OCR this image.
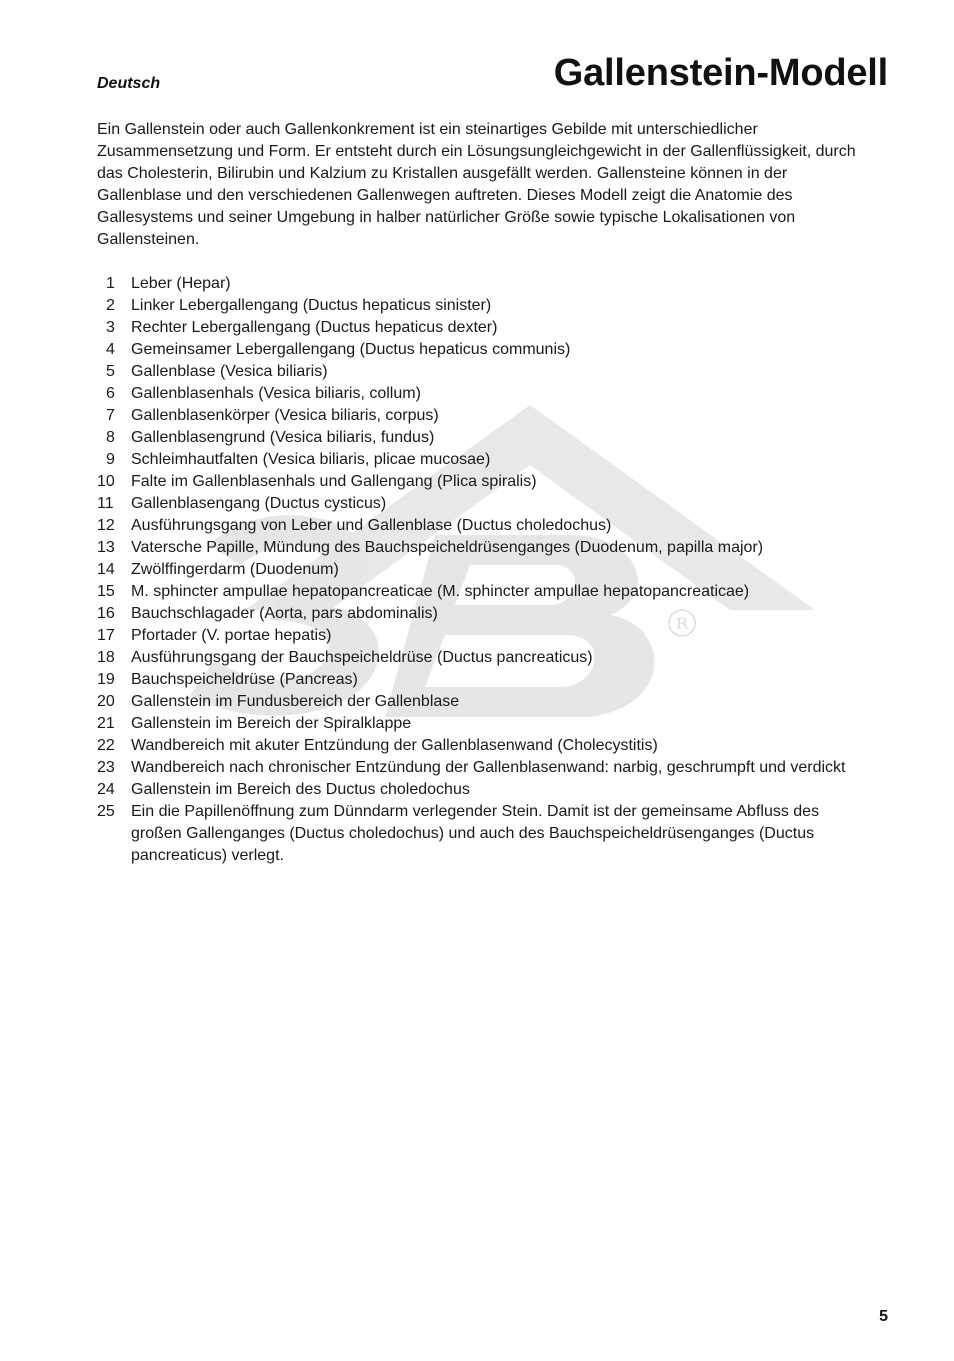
R
Deutsch	Gallenstein-Modell

Ein Gallenstein oder auch Gallenkonkrement ist ein steinartiges Gebilde mit unterschiedlicher Zusammensetzung und Form. Er entsteht durch ein Lösungsungleichgewicht in der Gallenflüssigkeit, durch das Cholesterin, Bilirubin und Kalzium zu Kristallen ausgefällt werden. Gallensteine können in der Gallenblase und den verschiedenen Gallenwegen auftreten. Dieses Modell zeigt die Anatomie des Gallesystems und seiner Umgebung in halber natürlicher Größe sowie typische Lokalisationen von Gallensteinen.

1	Leber (Hepar)
2	Linker Lebergallengang (Ductus hepaticus sinister)
3	Rechter Lebergallengang (Ductus hepaticus dexter)
4	Gemeinsamer Lebergallengang (Ductus hepaticus communis)
5	Gallenblase (Vesica biliaris)
6	Gallenblasenhals (Vesica biliaris, collum)
7	Gallenblasenkörper (Vesica biliaris, corpus)
8	Gallenblasengrund (Vesica biliaris, fundus)
9	Schleimhautfalten (Vesica biliaris, plicae mucosae)
10	Falte im Gallenblasenhals und Gallengang (Plica spiralis)
11	Gallenblasengang (Ductus cysticus)
12	Ausführungsgang von Leber und Gallenblase (Ductus choledochus)
13	Vatersche Papille, Mündung des Bauchspeicheldrüsenganges (Duodenum, papilla major)
14	Zwölffingerdarm (Duodenum)
15	M. sphincter ampullae hepatopancreaticae (M. sphincter ampullae hepatopancreaticae)
16	Bauchschlagader (Aorta, pars abdominalis)
17	Pfortader (V. portae hepatis)
18	Ausführungsgang der Bauchspeicheldrüse (Ductus pancreaticus)
19	Bauchspeicheldrüse (Pancreas)
20	Gallenstein im Fundusbereich der Gallenblase
21	Gallenstein im Bereich der Spiralklappe
22	Wandbereich mit akuter Entzündung der Gallenblasenwand (Cholecystitis)
23	Wandbereich nach chronischer Entzündung der Gallenblasenwand: narbig, geschrumpft und verdickt
24	Gallenstein im Bereich des Ductus choledochus
25	Ein die Papillenöffnung zum Dünndarm verlegender Stein. Damit ist der gemeinsame Abfluss des großen Gallenganges (Ductus choledochus) und auch des Bauchspeicheldrüsenganges (Ductus pancreaticus) verlegt.
5
